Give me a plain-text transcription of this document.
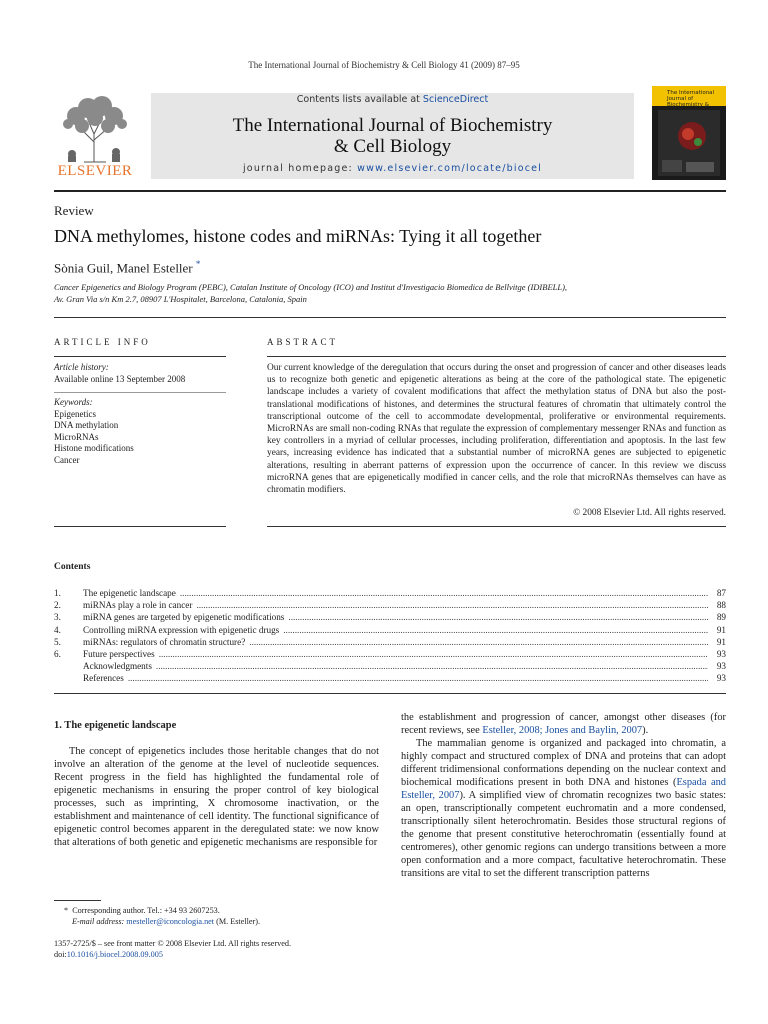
The International Journal of Biochemistry & Cell Biology 41 (2009) 87–95
ELSEVIER
Contents lists available at ScienceDirect
The International Journal of Biochemistry
& Cell Biology
journal homepage: www.elsevier.com/locate/biocel
The International Journal of
Biochemistry &
Review
DNA methylomes, histone codes and miRNAs: Tying it all together
Sònia Guil, Manel Esteller *
Cancer Epigenetics and Biology Program (PEBC), Catalan Institute of Oncology (ICO) and Institut d'Investigacio Biomedica de Bellvitge (IDIBELL),
Av. Gran Via s/n Km 2.7, 08907 L'Hospitalet, Barcelona, Catalonia, Spain
ARTICLE INFO
Article history:
Available online 13 September 2008
Keywords:
Epigenetics
DNA methylation
MicroRNAs
Histone modifications
Cancer
ABSTRACT
Our current knowledge of the deregulation that occurs during the onset and progression of cancer and other diseases leads us to recognize both genetic and epigenetic alterations as being at the core of the pathological state. The epigenetic landscape includes a variety of covalent modifications that affect the methylation status of DNA but also the post-translational modifications of histones, and determines the structural features of chromatin that ultimately control the transcriptional outcome of the cell to accommodate developmental, proliferative or environmental requirements. MicroRNAs are small non-coding RNAs that regulate the expression of complementary messenger RNAs and function as key controllers in a myriad of cellular processes, including proliferation, differentiation and apoptosis. In the last few years, increasing evidence has indicated that a substantial number of microRNA genes are subjected to epigenetic alterations, resulting in aberrant patterns of expression upon the occurrence of cancer. In this review we discuss microRNA genes that are epigenetically modified in cancer cells, and the role that microRNAs themselves can have as chromatin modifiers.
© 2008 Elsevier Ltd. All rights reserved.
Contents
1.	The epigenetic landscape .....	87
2.	miRNAs play a role in cancer .....	88
3.	miRNA genes are targeted by epigenetic modifications .....	89
4.	Controlling miRNA expression with epigenetic drugs .....	91
5.	miRNAs: regulators of chromatin structure? .....	91
6.	Future perspectives .....	93
Acknowledgments .....	93
References .....	93
1. The epigenetic landscape

The concept of epigenetics includes those heritable changes that do not involve an alteration of the genome at the level of nucleotide sequences. Recent progress in the field has highlighted the fundamental role of epigenetic mechanisms in ensuring the proper control of key biological processes, such as imprinting, X chromosome inactivation, or the establishment and maintenance of cell identity. The functional significance of epigenetic control becomes apparent in the deregulated state: we now know that alterations of both genetic and epigenetic mechanisms are responsible for

the establishment and progression of cancer, amongst other diseases (for recent reviews, see Esteller, 2008; Jones and Baylin, 2007).

The mammalian genome is organized and packaged into chromatin, a highly compact and structured complex of DNA and proteins that can adopt different tridimensional conformations depending on the nuclear context and biochemical modifications present in both DNA and histones (Espada and Esteller, 2007). A simplified view of chromatin recognizes two basic states: an open, transcriptionally competent euchromatin and a more condensed, transcriptionally silent heterochromatin. Besides those structural regions of the genome that present constitutive heterochromatin (essentially found at centromeres), other genomic regions can undergo transitions between a more open conformation and a more compact, facultative heterochromatin. These transitions are vital to set the different transcription patterns

* Corresponding author. Tel.: +34 93 2607253.
E-mail address: mesteller@iconcologia.net (M. Esteller).
1357-2725/$ – see front matter © 2008 Elsevier Ltd. All rights reserved.
doi:10.1016/j.biocel.2008.09.005
